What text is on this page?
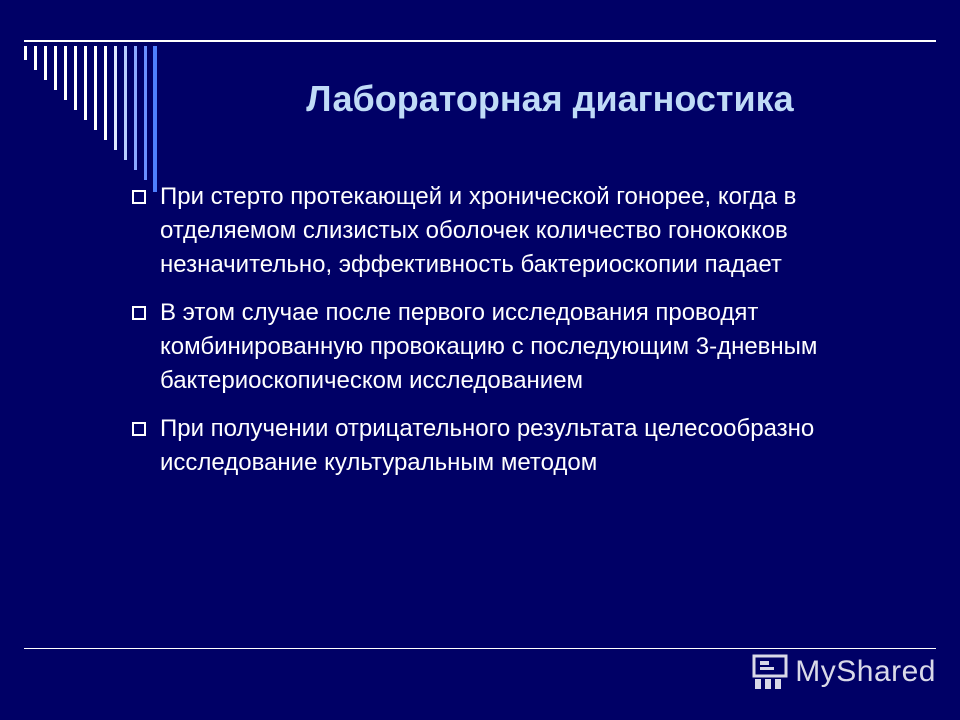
Лабораторная диагностика
При стерто протекающей и хронической гонорее, когда в отделяемом слизистых оболочек количество гонококков незначительно, эффективность бактериоскопии падает
В этом случае после первого исследования проводят комбинированную провокацию с последующим 3-дневным бактериоскопическом исследованием
При получении отрицательного результата целесообразно исследование культуральным методом
MyShared
